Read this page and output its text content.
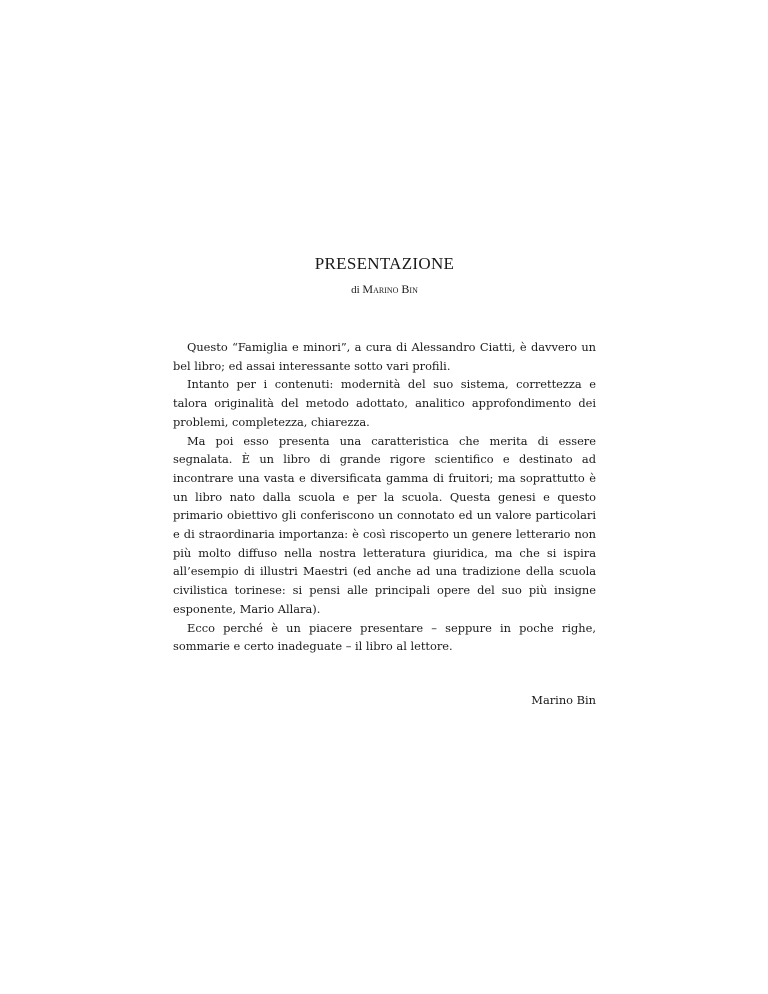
PRESENTAZIONE
di Marino Bin

Questo “Famiglia e minori”, a cura di Alessandro Ciatti, è davvero un bel libro; ed assai interessante sotto vari profili.

Intanto per i contenuti: modernità del suo sistema, correttezza e talora originalità del metodo adottato, analitico approfondimento dei problemi, completezza, chiarezza.

Ma poi esso presenta una caratteristica che merita di essere segnalata. È un libro di grande rigore scientifico e destinato ad incontrare una vasta e diversificata gamma di fruitori; ma soprattutto è un libro nato dalla scuola e per la scuola. Questa genesi e questo primario obiettivo gli conferiscono un connotato ed un valore particolari e di straordinaria importanza: è così riscoperto un genere letterario non più molto diffuso nella nostra letteratura giuridica, ma che si ispira all’esempio di illustri Maestri (ed anche ad una tradizione della scuola civilistica torinese: si pensi alle principali opere del suo più insigne esponente, Mario Allara).

Ecco perché è un piacere presentare – seppure in poche righe, sommarie e certo inadeguate – il libro al lettore.

Marino Bin
